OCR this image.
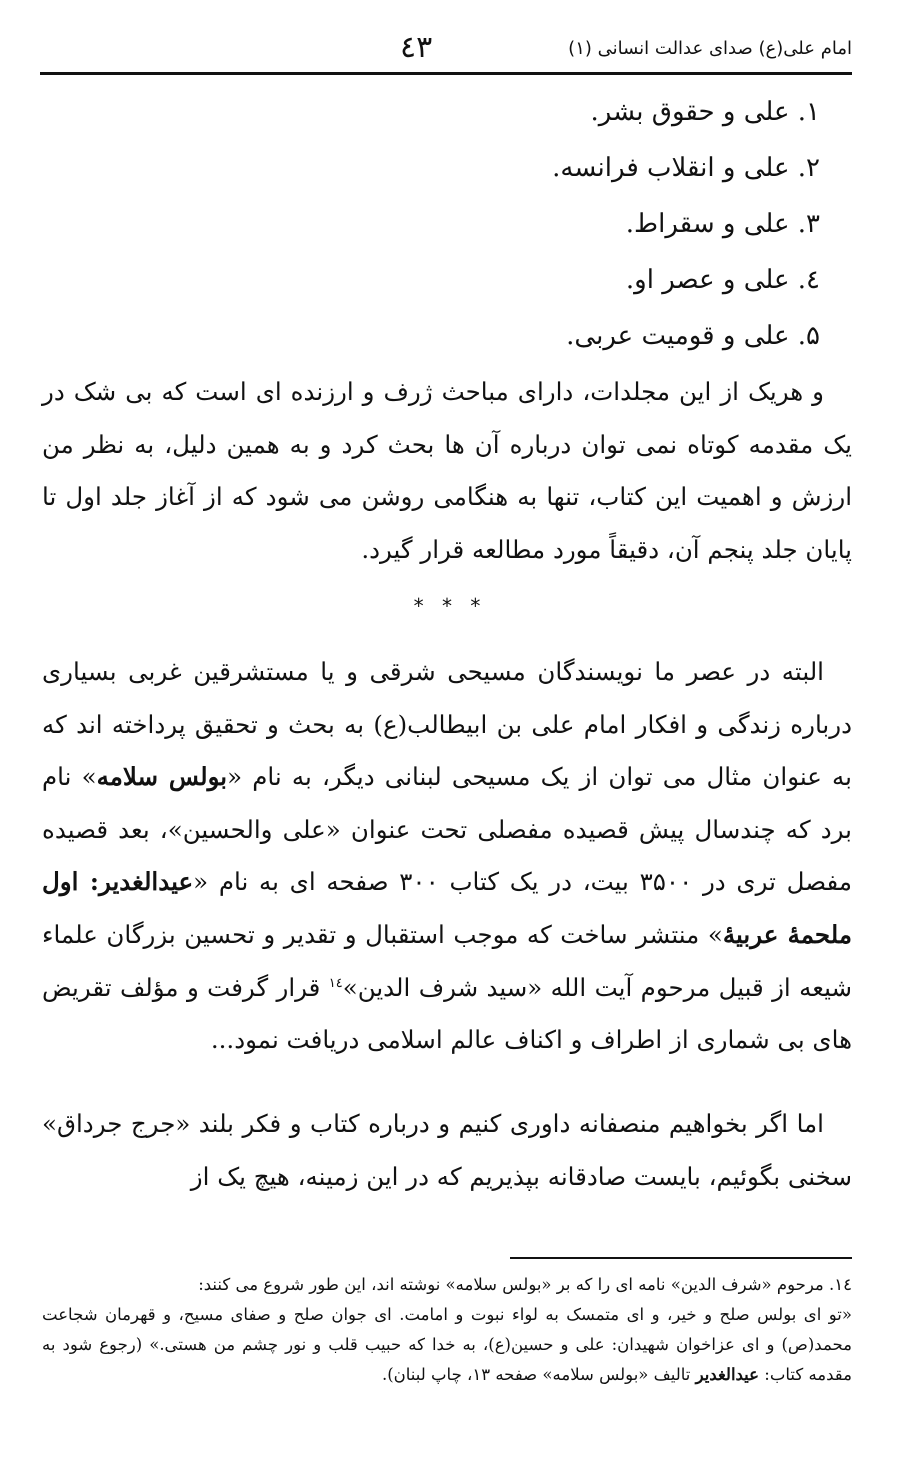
امام علی(ع) صدای عدالت انسانی (۱)
٤٣
۱. علی و حقوق بشر.
۲. علی و انقلاب فرانسه.
۳. علی و سقراط.
٤. علی و عصر او.
۵. علی و قومیت عربی.

و هریک از این مجلدات، دارای مباحث ژرف و ارزنده ای است که بی شک در یک مقدمه کوتاه نمی توان درباره آن ها بحث کرد و به همین دلیل، به نظر من ارزش و اهمیت این کتاب، تنها به هنگامی روشن می شود که از آغاز جلد اول تا پایان جلد پنجم آن، دقیقاً مورد مطالعه قرار گیرد.

* * *

البته در عصر ما نویسندگان مسیحی شرقی و یا مستشرقین غربی بسیاری درباره زندگی و افکار امام علی بن ابیطالب(ع) به بحث و تحقیق پرداخته اند که به عنوان مثال می توان از یک مسیحی لبنانی دیگر، به نام «بولس سلامه» نام برد که چندسال پیش قصیده مفصلی تحت عنوان «علی والحسین»، بعد قصیده مفصل تری در ۳۵۰۰ بیت، در یک کتاب ۳۰۰ صفحه ای به نام «عیدالغدیر: اول ملحمهٔ عربیهٔ» منتشر ساخت که موجب استقبال و تقدیر و تحسین بزرگان علماء شیعه از قبیل مرحوم آیت الله «سید شرف الدین»$^{۱٤}$ قرار گرفت و مؤلف تقریض های بی شماری از اطراف و اکناف عالم اسلامی دریافت نمود...

اما اگر بخواهیم منصفانه داوری کنیم و درباره کتاب و فکر بلند «جرج جرداق» سخنی بگوئیم، بایست صادقانه بپذیریم که در این زمینه، هیچ یک از

۱٤. مرحوم «شرف الدین» نامه ای را که بر «بولس سلامه» نوشته اند، این طور شروع می کنند:

«تو ای بولس صلح و خیر، و ای متمسک به لواء نبوت و امامت. ای جوان صلح و صفای مسیح، و قهرمان شجاعت محمد(ص) و ای عزاخوان شهیدان: علی و حسین(ع)، به خدا که حبیب قلب و نور چشم من هستی.» (رجوع شود به مقدمه کتاب: عیدالغدیر تالیف «بولس سلامه» صفحه ۱۳، چاپ لبنان).
